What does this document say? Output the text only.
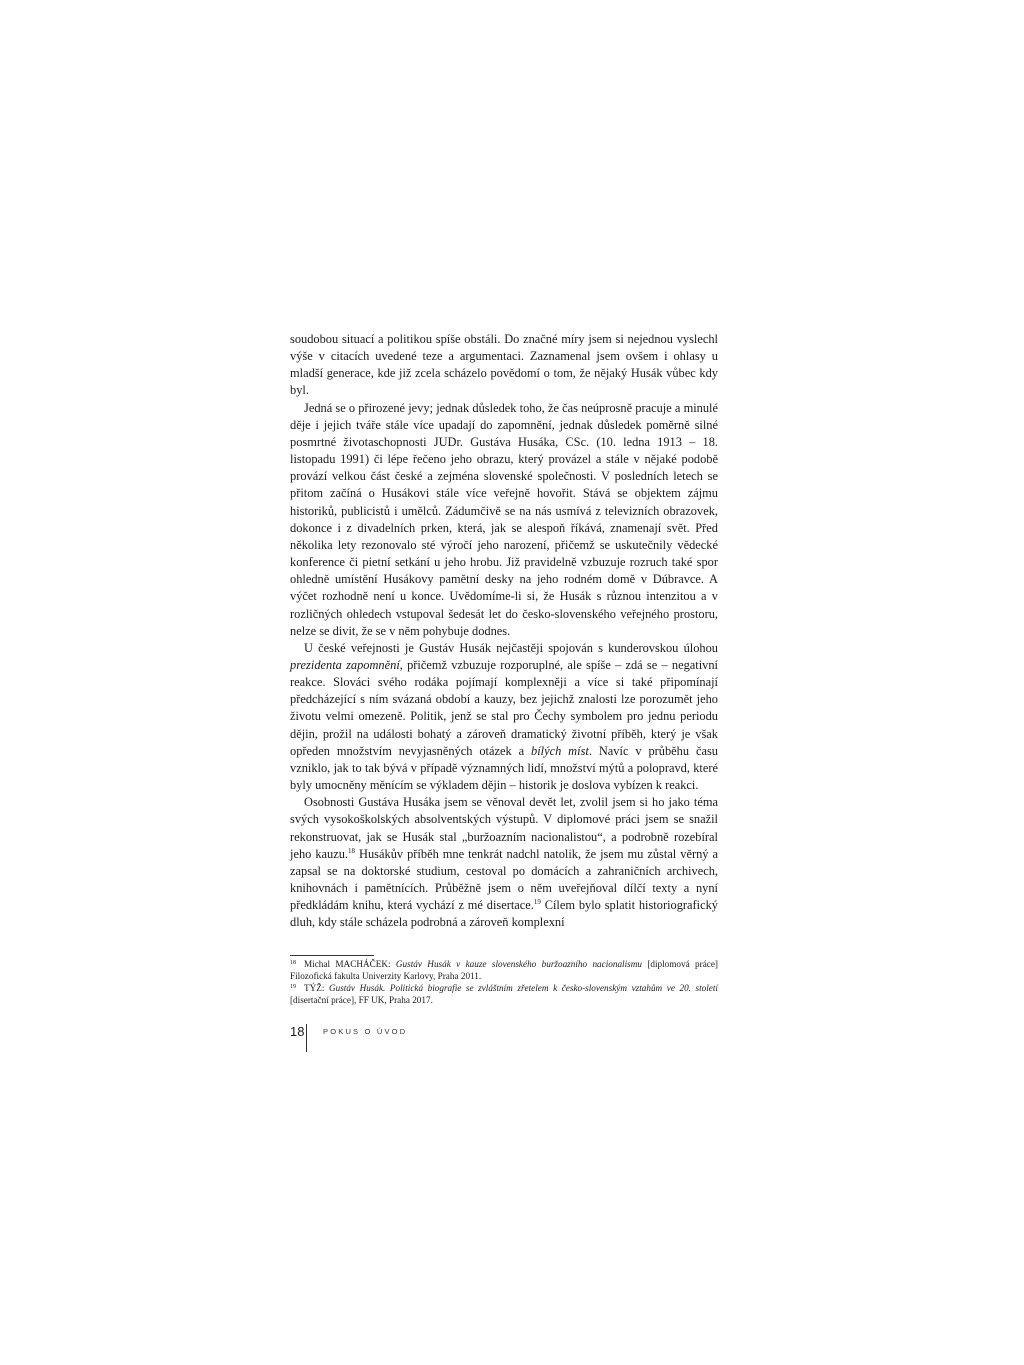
soudobou situací a politikou spíše obstáli. Do značné míry jsem si nejednou vyslechl výše v citacích uvedené teze a argumentaci. Zaznamenal jsem ovšem i ohlasy u mladší generace, kde již zcela scházelo povědomí o tom, že nějaký Husák vůbec kdy byl.

Jedná se o přirozené jevy; jednak důsledek toho, že čas neúprosně pracuje a minulé děje i jejich tváře stále více upadají do zapomnění, jednak důsledek poměrně silné posmrtné životaschopnosti JUDr. Gustáva Husáka, CSc. (10. ledna 1913 – 18. listopadu 1991) či lépe řečeno jeho obrazu, který provázel a stále v nějaké podobě provází velkou část české a zejména slovenské společnosti. V posledních letech se přitom začíná o Husákovi stále více veřejně hovořit. Stává se objektem zájmu historiků, publicistů i umělců. Zádumčivě se na nás usmívá z televizních obrazovek, dokonce i z divadelních prken, která, jak se alespoň říkává, znamenají svět. Před několika lety rezonovalo sté výročí jeho narození, přičemž se uskutečnily vědecké konference či pietní setkání u jeho hrobu. Již pravidelně vzbuzuje rozruch také spor ohledně umístění Husákovy pamětní desky na jeho rodném domě v Dúbravce. A výčet rozhodně není u konce. Uvědomíme-li si, že Husák s různou intenzitou a v rozličných ohledech vstupoval šedesát let do česko-slovenského veřejného prostoru, nelze se divit, že se v něm pohybuje dodnes.

U české veřejnosti je Gustáv Husák nejčastěji spojován s kunderovskou úlohou prezidenta zapomnění, přičemž vzbuzuje rozporuplné, ale spíše – zdá se – negativní reakce. Slováci svého rodáka pojímají komplexněji a více si také připomínají předcházející s ním svázaná období a kauzy, bez jejichž znalosti lze porozumět jeho životu velmi omezeně. Politik, jenž se stal pro Čechy symbolem pro jednu periodu dějin, prožil na události bohatý a zároveň dramatický životní příběh, který je však opředen množstvím nevyjasněných otázek a bílých míst. Navíc v průběhu času vzniklo, jak to tak bývá v případě významných lidí, množství mýtů a polopravd, které byly umocněny měnícím se výkladem dějin – historik je doslova vybízen k reakci.

Osobnosti Gustáva Husáka jsem se věnoval devět let, zvolil jsem si ho jako téma svých vysokoškolských absolventských výstupů. V diplomové práci jsem se snažil rekonstruovat, jak se Husák stal „buržoazním nacionalistou“, a podrobně rozebíral jeho kauzu.$^{18}$ Husákův příběh mne tenkrát nadchl natolik, že jsem mu zůstal věrný a zapsal se na doktorské studium, cestoval po domácích a zahraničních archivech, knihovnách i pamětnících. Průběžně jsem o něm uveřejňoval dílčí texty a nyní předkládám knihu, která vychází z mé disertace.$^{19}$ Cílem bylo splatit historiografický dluh, kdy stále scházela podrobná a zároveň komplexní

18 Michal MACHÁČEK: Gustáv Husák v kauze slovenského buržoazního nacionalismu [diplomová práce] Filozofická fakulta Univerzity Karlovy, Praha 2011.

19 TÝŽ: Gustáv Husák. Politická biografie se zvláštním zřetelem k česko-slovenským vztahům ve 20. století [disertační práce], FF UK, Praha 2017.

18 POKUS O ÚVOD
